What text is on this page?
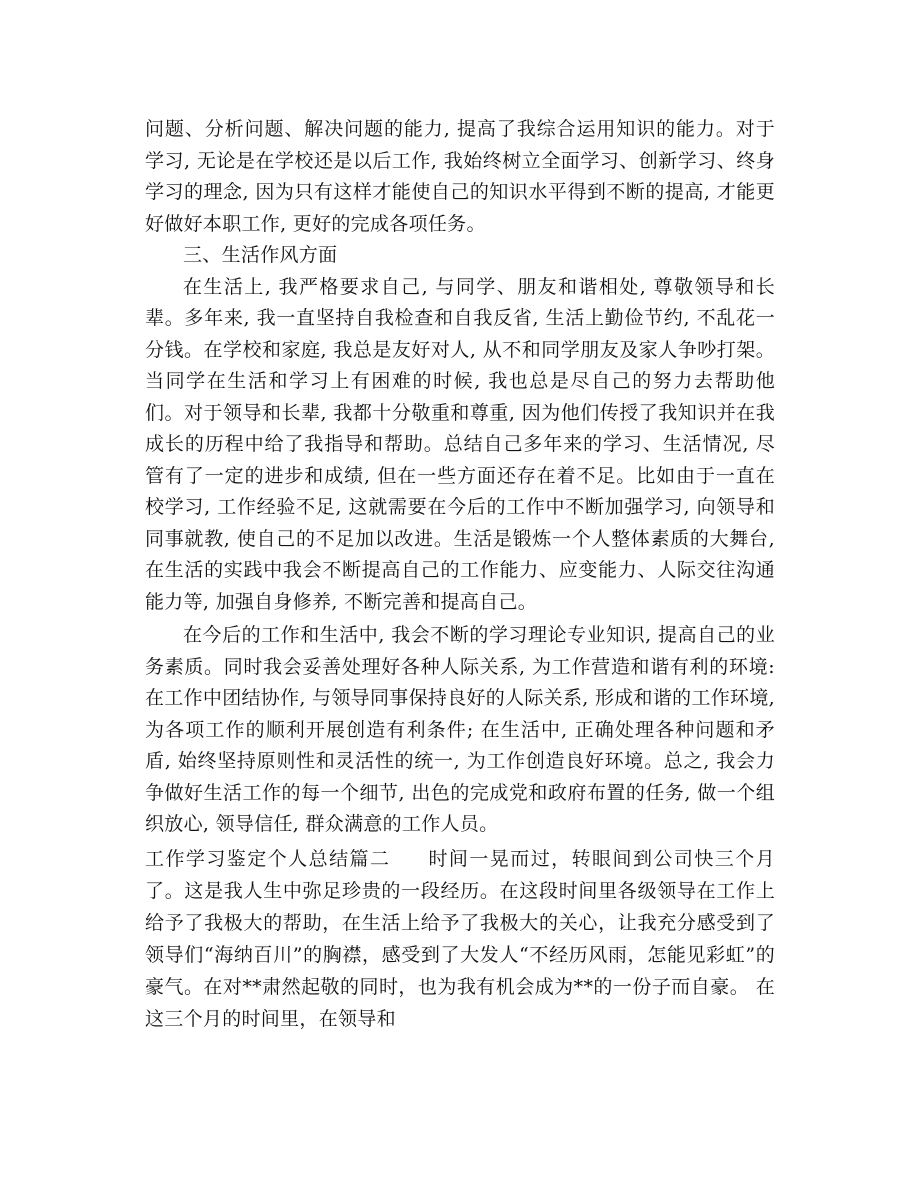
问题、分析问题、解决问题的能力, 提高了我综合运用知识的能力。对于学习, 无论是在学校还是以后工作, 我始终树立全面学习、创新学习、终身学习的理念, 因为只有这样才能使自己的知识水平得到不断的提高, 才能更好做好本职工作, 更好的完成各项任务。

三、生活作风方面

在生活上, 我严格要求自己, 与同学、朋友和谐相处, 尊敬领导和长辈。多年来, 我一直坚持自我检查和自我反省, 生活上勤俭节约, 不乱花一分钱。在学校和家庭, 我总是友好对人, 从不和同学朋友及家人争吵打架。当同学在生活和学习上有困难的时候, 我也总是尽自己的努力去帮助他们。对于领导和长辈, 我都十分敬重和尊重, 因为他们传授了我知识并在我成长的历程中给了我指导和帮助。总结自己多年来的学习、生活情况, 尽管有了一定的进步和成绩, 但在一些方面还存在着不足。比如由于一直在校学习, 工作经验不足, 这就需要在今后的工作中不断加强学习, 向领导和同事就教, 使自己的不足加以改进。生活是锻炼一个人整体素质的大舞台, 在生活的实践中我会不断提高自己的工作能力、应变能力、人际交往沟通能力等, 加强自身修养, 不断完善和提高自己。

在今后的工作和生活中, 我会不断的学习理论专业知识, 提高自己的业务素质。同时我会妥善处理好各种人际关系, 为工作营造和谐有利的环境: 在工作中团结协作, 与领导同事保持良好的人际关系, 形成和谐的工作环境, 为各项工作的顺利开展创造有利条件; 在生活中, 正确处理各种问题和矛盾, 始终坚持原则性和灵活性的统一, 为工作创造良好环境。总之, 我会力争做好生活工作的每一个细节, 出色的完成党和政府布置的任务, 做一个组织放心, 领导信任, 群众满意的工作人员。

工作学习鉴定个人总结篇二 时间一晃而过，转眼间到公司快三个月了。这是我人生中弥足珍贵的一段经历。在这段时间里各级领导在工作上给予了我极大的帮助，在生活上给予了我极大的关心，让我充分感受到了领导们“海纳百川”的胸襟，感受到了大发人“不经历风雨，怎能见彩虹”的豪气。在对**肃然起敬的同时，也为我有机会成为**的一份子而自豪。 在这三个月的时间里，在领导和
